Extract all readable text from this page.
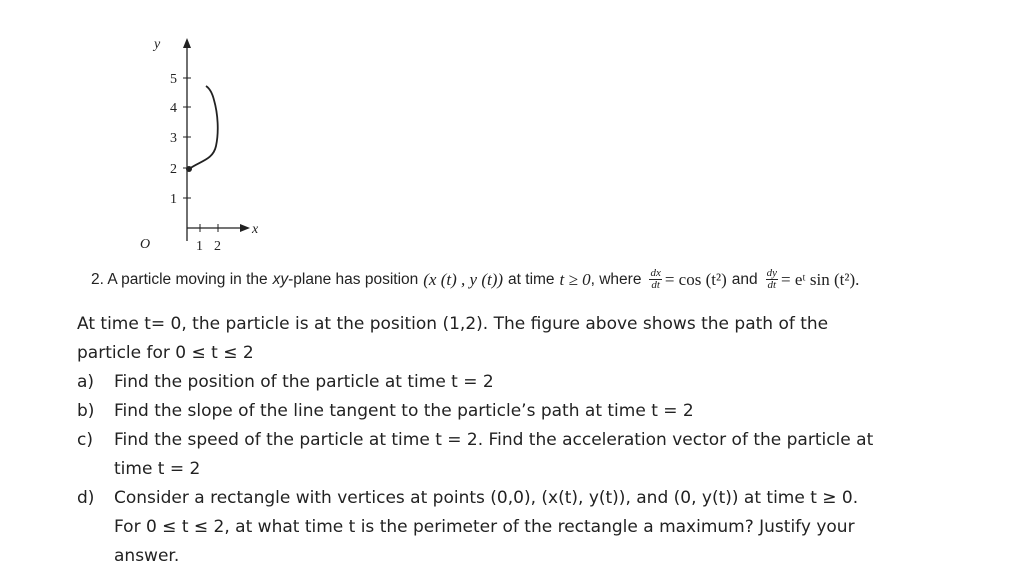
y
x
O
5
4
3
2
1
1 2
2. A particle moving in the xy -plane has position (x (t) , y (t)) at time t ≥ 0 , where $\frac{dx}{dt} = \cos (t^2)$ and $\frac{dy}{dt}$ = eᵗ sin (t²).
At time t= 0, the particle is at the position (1,2). The figure above shows the path of the
particle for 0 ≤ t ≤ 2
a)	Find the position of the particle at time t = 2
b)	Find the slope of the line tangent to the particle’s path at time t = 2
c)	Find the speed of the particle at time t = 2. Find the acceleration vector of the particle at
time t = 2
d)	Consider a rectangle with vertices at points (0,0), (x(t), y(t)), and (0, y(t)) at time t ≥ 0.
For 0 ≤ t ≤ 2, at what time t is the perimeter of the rectangle a maximum? Justify your
answer.
